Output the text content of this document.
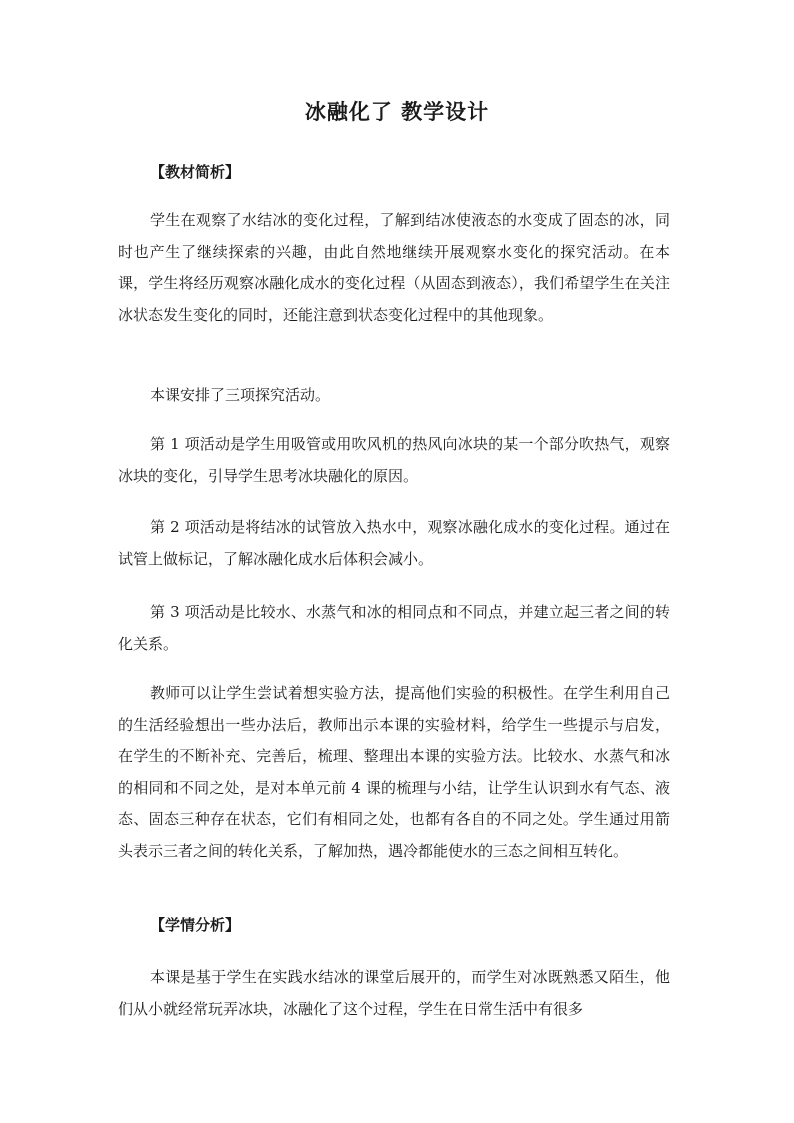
冰融化了 教学设计
【教材简析】

学生在观察了水结冰的变化过程，了解到结冰使液态的水变成了固态的冰，同时也产生了继续探索的兴趣，由此自然地继续开展观察水变化的探究活动。在本课，学生将经历观察冰融化成水的变化过程（从固态到液态），我们希望学生在关注冰状态发生变化的同时，还能注意到状态变化过程中的其他现象。

本课安排了三项探究活动。

第 1 项活动是学生用吸管或用吹风机的热风向冰块的某一个部分吹热气，观察冰块的变化，引导学生思考冰块融化的原因。

第 2 项活动是将结冰的试管放入热水中，观察冰融化成水的变化过程。通过在试管上做标记，了解冰融化成水后体积会减小。

第 3 项活动是比较水、水蒸气和冰的相同点和不同点，并建立起三者之间的转化关系。

教师可以让学生尝试着想实验方法，提高他们实验的积极性。在学生利用自己的生活经验想出一些办法后，教师出示本课的实验材料，给学生一些提示与启发，在学生的不断补充、完善后，梳理、整理出本课的实验方法。比较水、水蒸气和冰的相同和不同之处，是对本单元前 4 课的梳理与小结，让学生认识到水有气态、液态、固态三种存在状态，它们有相同之处，也都有各自的不同之处。学生通过用箭头表示三者之间的转化关系，了解加热，遇冷都能使水的三态之间相互转化。

【学情分析】

本课是基于学生在实践水结冰的课堂后展开的，而学生对冰既熟悉又陌生，他们从小就经常玩弄冰块，冰融化了这个过程，学生在日常生活中有很多
